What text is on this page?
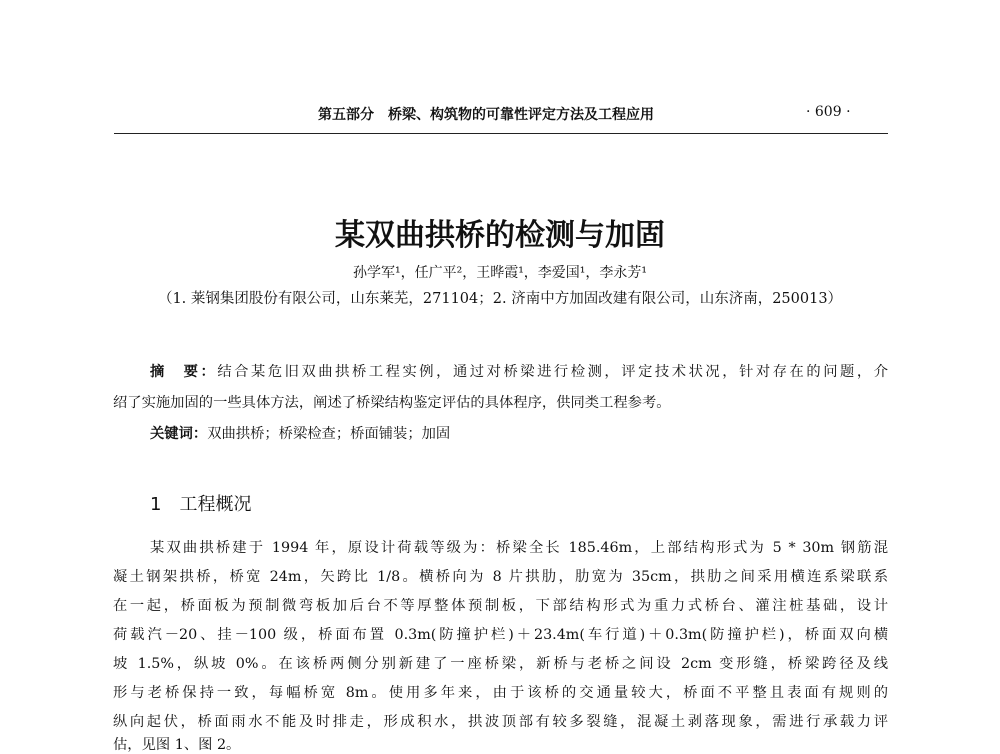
第五部分　桥梁、构筑物的可靠性评定方法及工程应用	· 609 ·
某双曲拱桥的检测与加固
孙学军¹，任广平²，王晔霞¹，李爱国¹，李永芳¹
（1. 莱钢集团股份有限公司，山东莱芜，271104；2. 济南中方加固改建有限公司，山东济南，250013）
摘　要：结合某危旧双曲拱桥工程实例，通过对桥梁进行检测，评定技术状况，针对存在的问题，介
绍了实施加固的一些具体方法，阐述了桥梁结构鉴定评估的具体程序，供同类工程参考。
关键词：双曲拱桥；桥梁检查；桥面铺装；加固
1　工程概况
某双曲拱桥建于 1994 年，原设计荷载等级为：桥梁全长 185.46m，上部结构形式为 5 * 30m 钢筋混
凝土钢架拱桥，桥宽 24m，矢跨比 1/8。横桥向为 8 片拱肋，肋宽为 35cm，拱肋之间采用横连系梁联系
在一起，桥面板为预制微弯板加后台不等厚整体预制板，下部结构形式为重力式桥台、灌注桩基础，设计
荷载汽－20、挂－100 级，桥面布置 0.3m(防撞护栏)＋23.4m(车行道)＋0.3m(防撞护栏)，桥面双向横
坡 1.5%，纵坡 0%。在该桥两侧分别新建了一座桥梁，新桥与老桥之间设 2cm 变形缝，桥梁跨径及线
形与老桥保持一致，每幅桥宽 8m。使用多年来，由于该桥的交通量较大，桥面不平整且表面有规则的
纵向起伏，桥面雨水不能及时排走，形成积水，拱波顶部有较多裂缝，混凝土剥落现象，需进行承载力评
估，见图 1、图 2。
